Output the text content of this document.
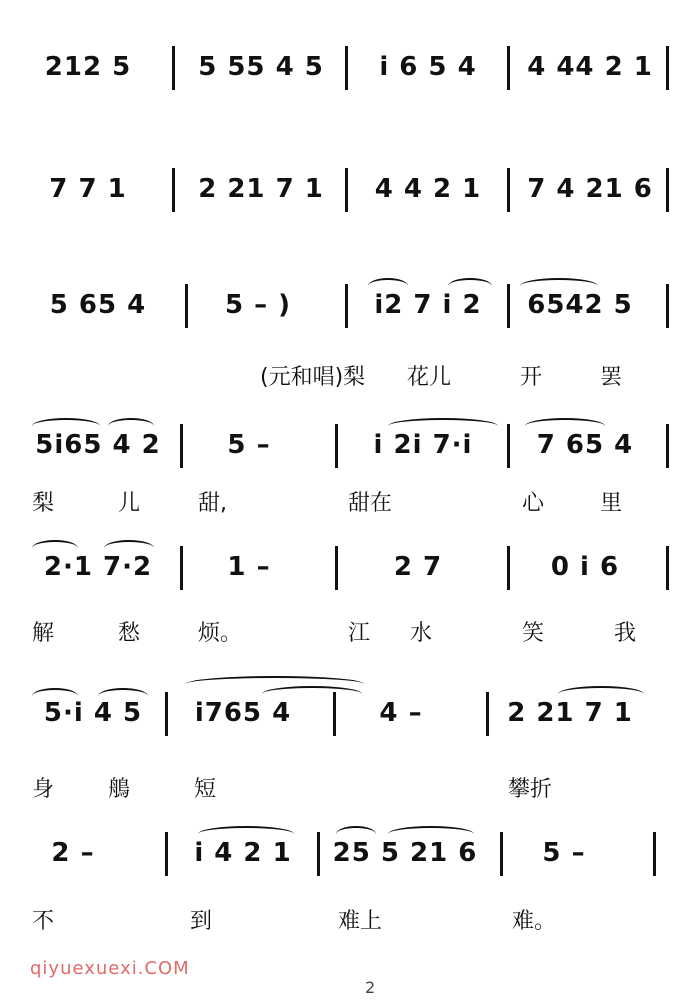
212 5	5 55 4 5	i 6 5 4	4 44 2 1
7 7 1	2 21 7 1	4 4 2 1	7 4 21 6
5 65 4	5 – )	i2 7 i 2	6542 5
(元和唱)梨 花儿	开	罢
5i65 4 2	5 –	i 2i 7·i	7 65 4
梨	儿	甜,	甜在	心	里
2·1 7·2	1 –	2 7	0 i 6
解	愁	烦。	江 水	笑	我
5·i 4 5	i765 4	4 –	2 21 7 1
身 鵃	短	攀折
2 –	i 4 2 1	25 5 21 6	5 –
不	到	难上	难。
qiyuexuexi.COM
2
